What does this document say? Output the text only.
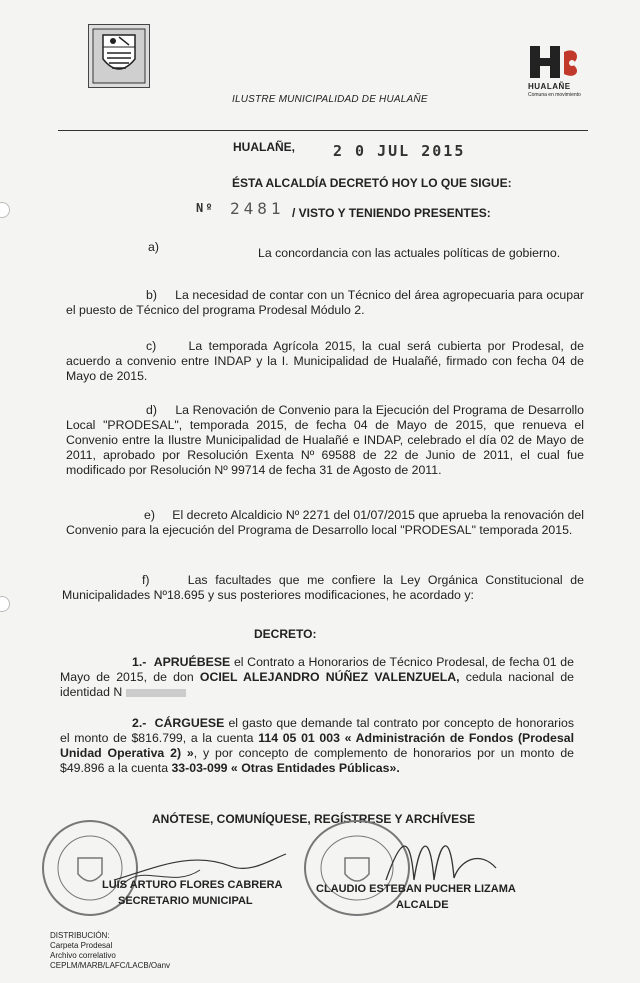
HUALAÑE
Comuna en movimiento
ILUSTRE MUNICIPALIDAD DE HUALAÑE
HUALAÑE,	2 0 JUL 2015
ÉSTA ALCALDÍA DECRETÓ HOY LO QUE SIGUE:
Nº 2481 / VISTO Y TENIENDO PRESENTES:
a)	La concordancia con las actuales políticas de gobierno.
b) La necesidad de contar con un Técnico del área agropecuaria para ocupar el puesto de Técnico del programa Prodesal Módulo 2.
c)	La temporada Agrícola 2015, la cual será cubierta por Prodesal, de acuerdo a convenio entre INDAP y la I. Municipalidad de Hualañé, firmado con fecha 04 de Mayo de 2015.
d) La Renovación de Convenio para la Ejecución del Programa de Desarrollo Local "PRODESAL", temporada 2015, de fecha 04 de Mayo de 2015, que renueva el Convenio entre la Ilustre Municipalidad de Hualañé e INDAP, celebrado el día 02 de Mayo de 2011, aprobado por Resolución Exenta Nº 69588 de 22 de Junio de 2011, el cual fue modificado por Resolución Nº 99714 de fecha 31 de Agosto de 2011.
e) El decreto Alcaldicio Nº 2271 del 01/07/2015 que aprueba la renovación del Convenio para la ejecución del Programa de Desarrollo local "PRODESAL" temporada 2015.
f)	Las facultades que me confiere la Ley Orgánica Constitucional de Municipalidades Nº18.695 y sus posteriores modificaciones, he acordado y:
DECRETO:
1.- APRUÉBESE el Contrato a Honorarios de Técnico Prodesal, de fecha 01 de Mayo de 2015, de don OCIEL ALEJANDRO NÚÑEZ VALENZUELA, cedula nacional de identidad N
2.- CÁRGUESE el gasto que demande tal contrato por concepto de honorarios el monto de $816.799, a la cuenta 114 05 01 003 « Administración de Fondos (Prodesal Unidad Operativa 2) », y por concepto de complemento de honorarios por un monto de $49.896 a la cuenta 33-03-099 « Otras Entidades Públicas».
ANÓTESE, COMUNÍQUESE, REGÍSTRESE Y ARCHÍVESE
LUIS ARTURO FLORES CABRERA
SECRETARIO MUNICIPAL
CLAUDIO ESTEBAN PUCHER LIZAMA
ALCALDE
DISTRIBUCIÓN:
Carpeta Prodesal
Archivo correlativo
CEPLM/MARB/LAFC/LACB/Oanv
